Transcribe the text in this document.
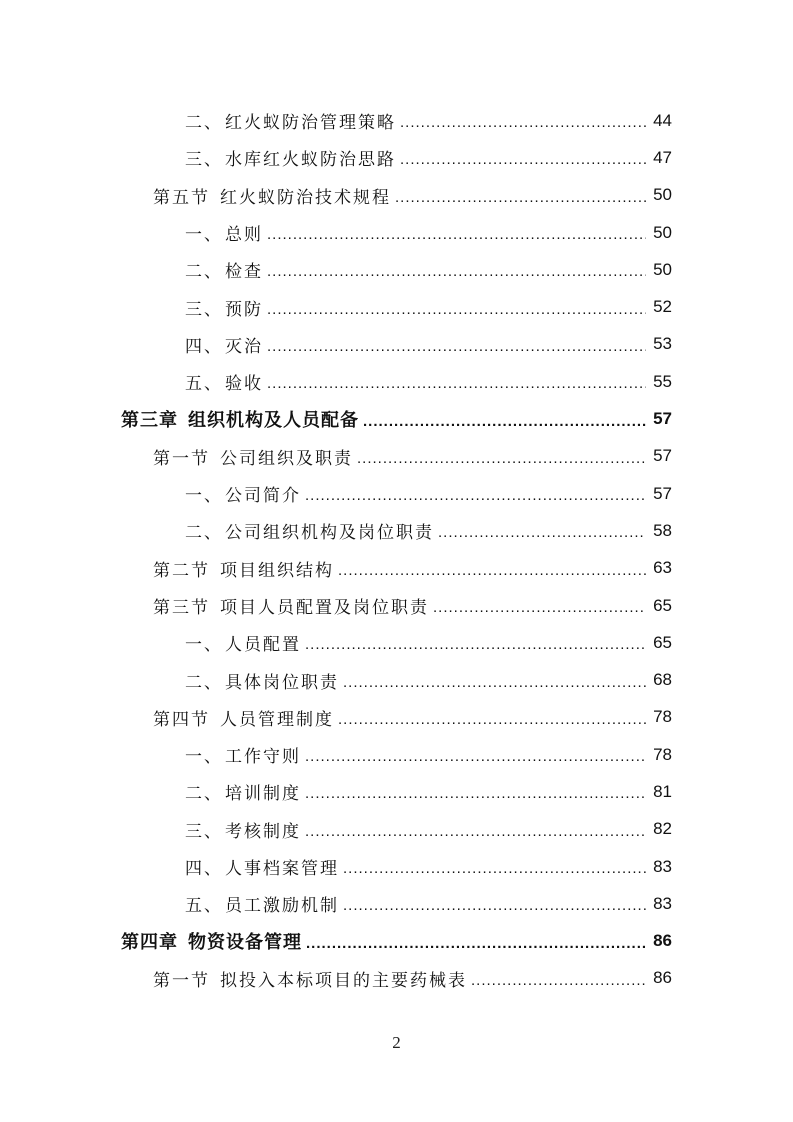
二、 红火蚁防治管理策略 .....	44
三、 水库红火蚁防治思路 .....	47
第五节 红火蚁防治技术规程 .....	50
一、 总则 .....	50
二、 检查 .....	50
三、 预防 .....	52
四、 灭治 .....	53
五、 验收 .....	55
第三章 组织机构及人员配备 .....	57
第一节 公司组织及职责 .....	57
一、 公司简介 .....	57
二、 公司组织机构及岗位职责 .....	58
第二节 项目组织结构 .....	63
第三节 项目人员配置及岗位职责 .....	65
一、 人员配置 .....	65
二、 具体岗位职责 .....	68
第四节 人员管理制度 .....	78
一、 工作守则 .....	78
二、 培训制度 .....	81
三、 考核制度 .....	82
四、 人事档案管理 .....	83
五、 员工激励机制 .....	83
第四章 物资设备管理 .....	86
第一节 拟投入本标项目的主要药械表 .....	86
2
